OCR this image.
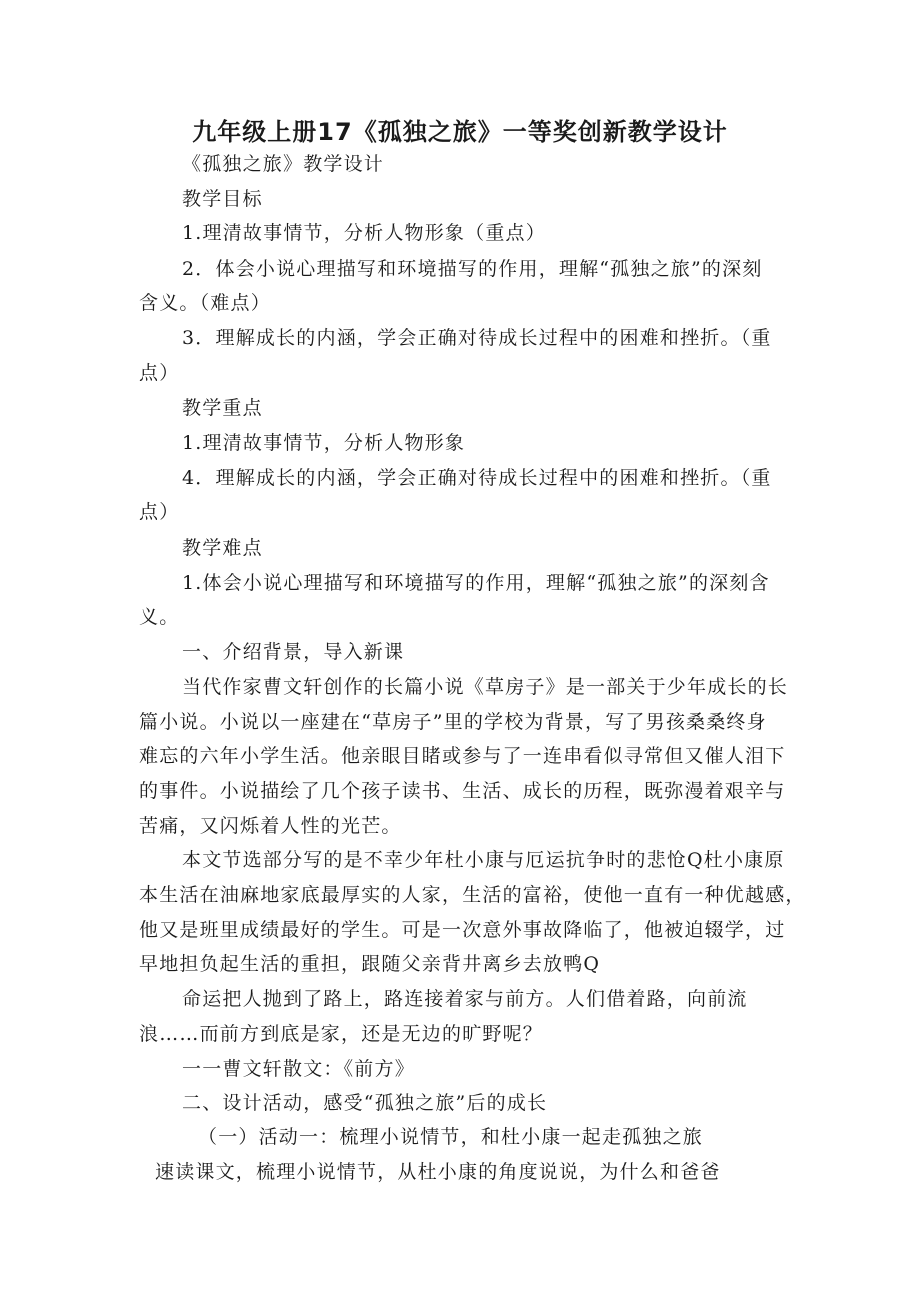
九年级上册17《孤独之旅》一等奖创新教学设计
《孤独之旅》教学设计
教学目标
1.理清故事情节，分析人物形象（重点）
2．体会小说心理描写和环境描写的作用，理解“孤独之旅”的深刻
含义。（难点）
3．理解成长的内涵，学会正确对待成长过程中的困难和挫折。（重
点）
教学重点
1.理清故事情节，分析人物形象
4．理解成长的内涵，学会正确对待成长过程中的困难和挫折。（重
点）
教学难点
1.体会小说心理描写和环境描写的作用，理解“孤独之旅”的深刻含
义。
一、介绍背景，导入新课
当代作家曹文轩创作的长篇小说《草房子》是一部关于少年成长的长
篇小说。小说以一座建在“草房子”里的学校为背景，写了男孩桑桑终身
难忘的六年小学生活。他亲眼目睹或参与了一连串看似寻常但又催人泪下
的事件。小说描绘了几个孩子读书、生活、成长的历程，既弥漫着艰辛与
苦痛，又闪烁着人性的光芒。
本文节选部分写的是不幸少年杜小康与厄运抗争时的悲怆Q杜小康原
本生活在油麻地家底最厚实的人家，生活的富裕，使他一直有一种优越感，
他又是班里成绩最好的学生。可是一次意外事故降临了，他被迫辍学，过
早地担负起生活的重担，跟随父亲背井离乡去放鸭Q
命运把人抛到了路上，路连接着家与前方。人们借着路，向前流
浪……而前方到底是家，还是无边的旷野呢？
一一曹文轩散文：《前方》
二、设计活动，感受“孤独之旅”后的成长
（一）活动一：梳理小说情节，和杜小康一起走孤独之旅
速读课文，梳理小说情节，从杜小康的角度说说，为什么和爸爸
